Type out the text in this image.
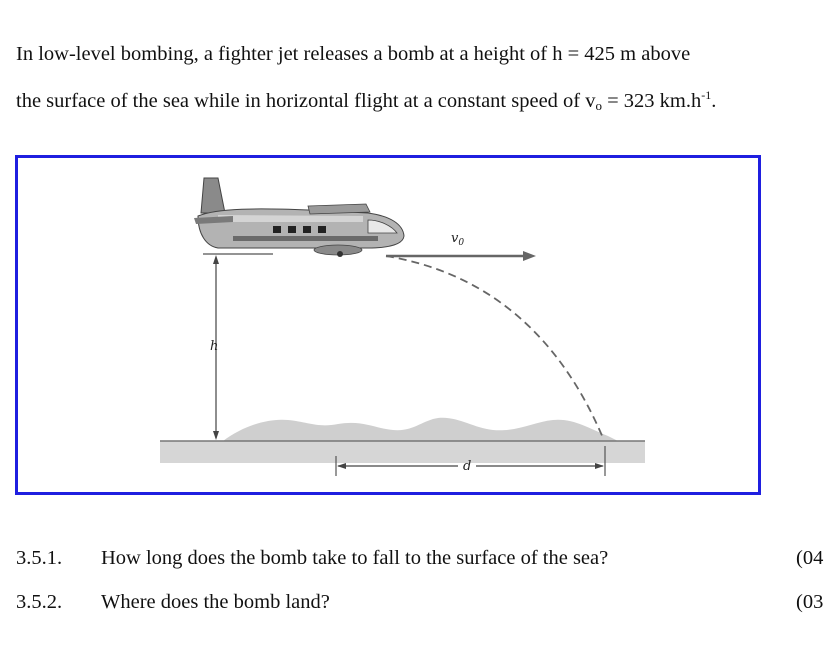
In low-level bombing, a fighter jet releases a bomb at a height of h = 425 m above
the surface of the sea while in horizontal flight at a constant speed of $v_o = 323$ $km.h^{-1}$.
h
$v_0$
d
3.5.1. How long does the bomb take to fall to the surface of the sea?	(04
3.5.2. Where does the bomb land?	(03
